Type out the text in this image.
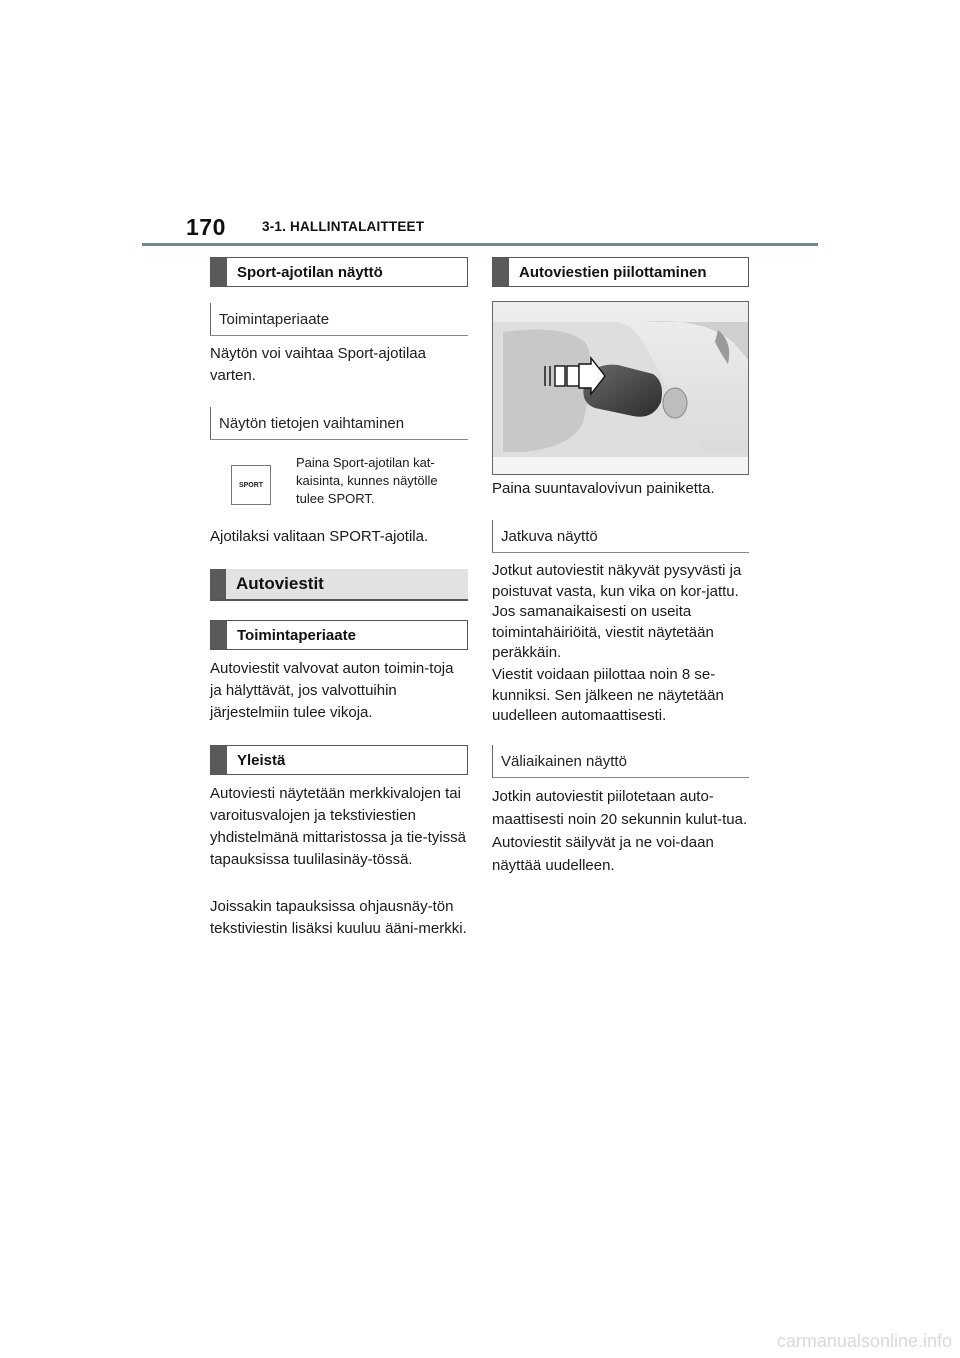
170	3-1. HALLINTALAITTEET
Sport-ajotilan näyttö
Toimintaperiaate
Näytön voi vaihtaa Sport-ajotilaa varten.
Näytön tietojen vaihtaminen
SPORT
Paina Sport-ajotilan kat-kaisinta, kunnes näytölle tulee SPORT.
Ajotilaksi valitaan SPORT-ajotila.
Autoviestit
Toimintaperiaate
Autoviestit valvovat auton toimin-toja ja hälyttävät, jos valvottuihin järjestelmiin tulee vikoja.
Yleistä
Autoviesti näytetään merkkivalojen tai varoitusvalojen ja tekstiviestien yhdistelmänä mittaristossa ja tie-tyissä tapauksissa tuulilasinäy-tössä.
Joissakin tapauksissa ohjausnäy-tön tekstiviestin lisäksi kuuluu ääni-merkki.
Autoviestien piilottaminen
Paina suuntavalovivun painiketta.
Jatkuva näyttö
Jotkut autoviestit näkyvät pysyvästi ja poistuvat vasta, kun vika on kor-jattu. Jos samanaikaisesti on useita toimintahäiriöitä, viestit näytetään peräkkäin.
Viestit voidaan piilottaa noin 8 se-kunniksi. Sen jälkeen ne näytetään uudelleen automaattisesti.
Väliaikainen näyttö
Jotkin autoviestit piilotetaan auto-maattisesti noin 20 sekunnin kulut-tua. Autoviestit säilyvät ja ne voi-daan näyttää uudelleen.
carmanualsonline.info
